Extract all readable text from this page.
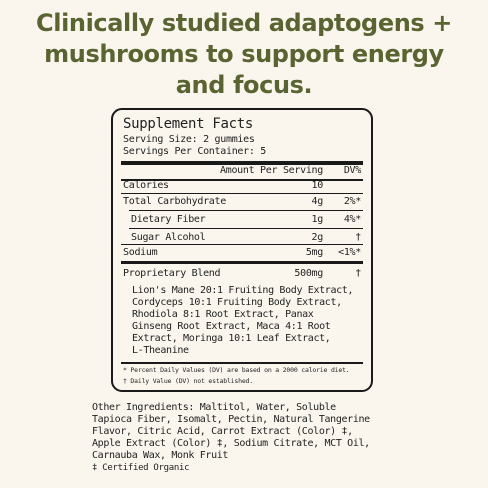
Clinically studied adaptogens +
mushrooms to support energy
and focus.
Supplement Facts
Serving Size: 2 gummies
Servings Per Container: 5
Amount Per Serving DV%
Calories	10
Total Carbohydrate	4g 2%*
Dietary Fiber	1g 4%*
Sugar Alcohol	2g	†
Sodium	5mg <1%*
Proprietary Blend	500mg	†
Lion's Mane 20:1 Fruiting Body Extract,
Cordyceps 10:1 Fruiting Body Extract,
Rhodiola 8:1 Root Extract, Panax
Ginseng Root Extract, Maca 4:1 Root
Extract, Moringa 10:1 Leaf Extract,
L-Theanine
* Percent Daily Values (DV) are based on a 2000 calorie diet.
† Daily Value (DV) not established.
Other Ingredients: Maltitol, Water, Soluble
Tapioca Fiber, Isomalt, Pectin, Natural Tangerine
Flavor, Citric Acid, Carrot Extract (Color) ‡,
Apple Extract (Color) ‡, Sodium Citrate, MCT Oil,
Carnauba Wax, Monk Fruit
‡ Certified Organic
